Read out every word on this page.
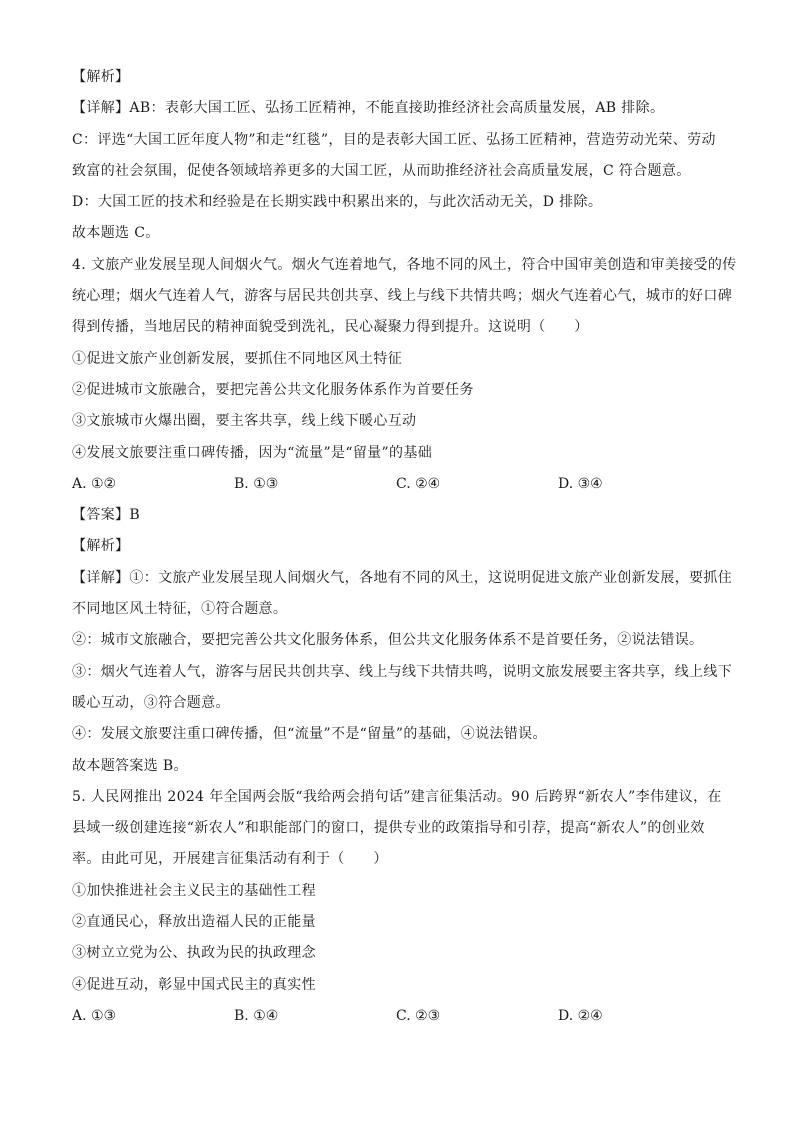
【解析】
【详解】AB：表彰大国工匠、弘扬工匠精神，不能直接助推经济社会高质量发展，AB 排除。
C：评选“大国工匠年度人物”和走“红毯”，目的是表彰大国工匠、弘扬工匠精神，营造劳动光荣、劳动
致富的社会氛围，促使各领域培养更多的大国工匠，从而助推经济社会高质量发展，C 符合题意。
D：大国工匠的技术和经验是在长期实践中积累出来的，与此次活动无关，D 排除。
故本题选 C。
4. 文旅产业发展呈现人间烟火气。烟火气连着地气，各地不同的风土，符合中国审美创造和审美接受的传
统心理；烟火气连着人气，游客与居民共创共享、线上与线下共情共鸣；烟火气连着心气，城市的好口碑
得到传播，当地居民的精神面貌受到洗礼，民心凝聚力得到提升。这说明（　　）
①促进文旅产业创新发展，要抓住不同地区风土特征
②促进城市文旅融合，要把完善公共文化服务体系作为首要任务
③文旅城市火爆出圈，要主客共享，线上线下暖心互动
④发展文旅要注重口碑传播，因为“流量”是“留量”的基础
A. ①②	B. ①③	C. ②④	D. ③④
【答案】B
【解析】
【详解】①：文旅产业发展呈现人间烟火气，各地有不同的风土，这说明促进文旅产业创新发展，要抓住
不同地区风土特征，①符合题意。
②：城市文旅融合，要把完善公共文化服务体系，但公共文化服务体系不是首要任务，②说法错误。
③：烟火气连着人气，游客与居民共创共享、线上与线下共情共鸣，说明文旅发展要主客共享，线上线下
暖心互动，③符合题意。
④：发展文旅要注重口碑传播，但“流量”不是“留量”的基础，④说法错误。
故本题答案选 B。
5. 人民网推出 2024 年全国两会版“我给两会捎句话”建言征集活动。90 后跨界“新农人”李伟建议，在
县域一级创建连接“新农人”和职能部门的窗口，提供专业的政策指导和引荐，提高“新农人”的创业效
率。由此可见，开展建言征集活动有利于（　　）
①加快推进社会主义民主的基础性工程
②直通民心，释放出造福人民的正能量
③树立立党为公、执政为民的执政理念
④促进互动，彰显中国式民主的真实性
A. ①③	B. ①④	C. ②③	D. ②④
